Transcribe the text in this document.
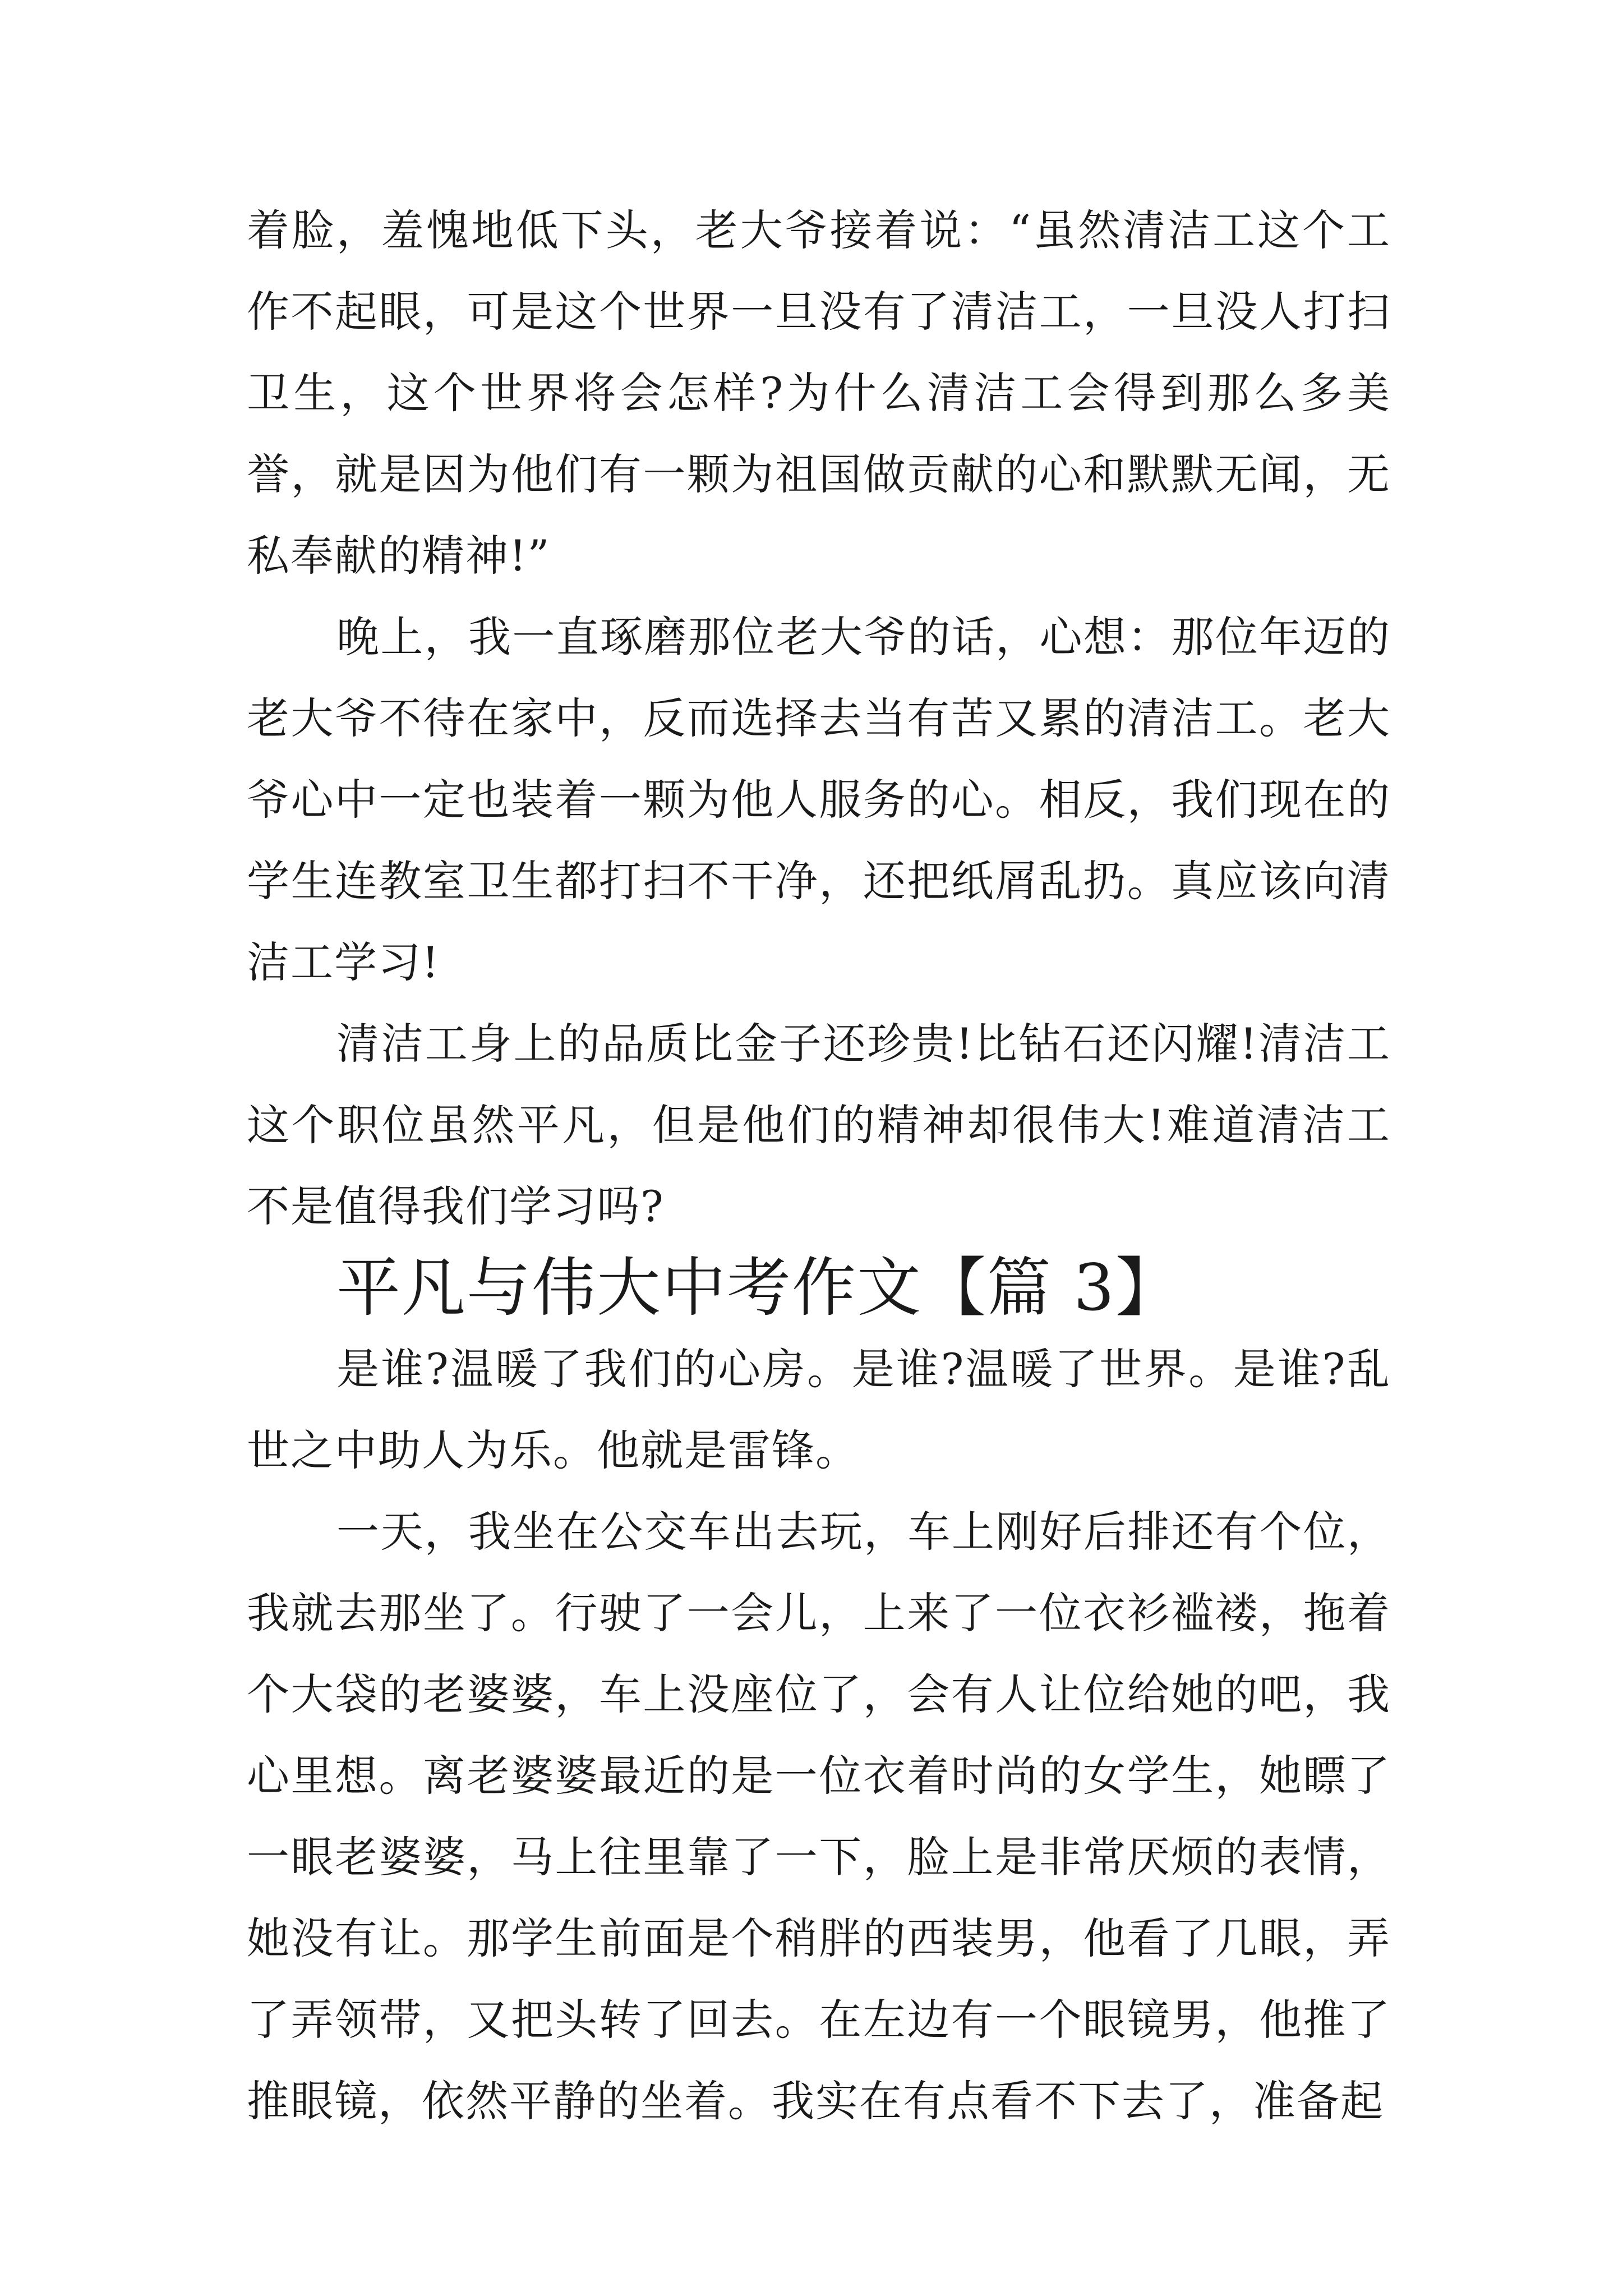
着脸，羞愧地低下头，老大爷接着说：“虽然清洁工这个工作不起眼，可是这个世界一旦没有了清洁工，一旦没人打扫卫生，这个世界将会怎样?为什么清洁工会得到那么多美誉，就是因为他们有一颗为祖国做贡献的心和默默无闻，无私奉献的精神!”

晚上，我一直琢磨那位老大爷的话，心想：那位年迈的老大爷不待在家中，反而选择去当有苦又累的清洁工。老大爷心中一定也装着一颗为他人服务的心。相反，我们现在的学生连教室卫生都打扫不干净，还把纸屑乱扔。真应该向清洁工学习!

清洁工身上的品质比金子还珍贵!比钻石还闪耀!清洁工这个职位虽然平凡，但是他们的精神却很伟大!难道清洁工不是值得我们学习吗?

平凡与伟大中考作文【篇 3】

是谁?温暖了我们的心房。是谁?温暖了世界。是谁?乱世之中助人为乐。他就是雷锋。

一天，我坐在公交车出去玩，车上刚好后排还有个位，我就去那坐了。行驶了一会儿，上来了一位衣衫褴褛，拖着个大袋的老婆婆，车上没座位了，会有人让位给她的吧，我心里想。离老婆婆最近的是一位衣着时尚的女学生，她瞟了一眼老婆婆，马上往里靠了一下，脸上是非常厌烦的表情，她没有让。那学生前面是个稍胖的西装男，他看了几眼，弄了弄领带，又把头转了回去。在左边有一个眼镜男，他推了推眼镜，依然平静的坐着。我实在有点看不下去了，准备起
